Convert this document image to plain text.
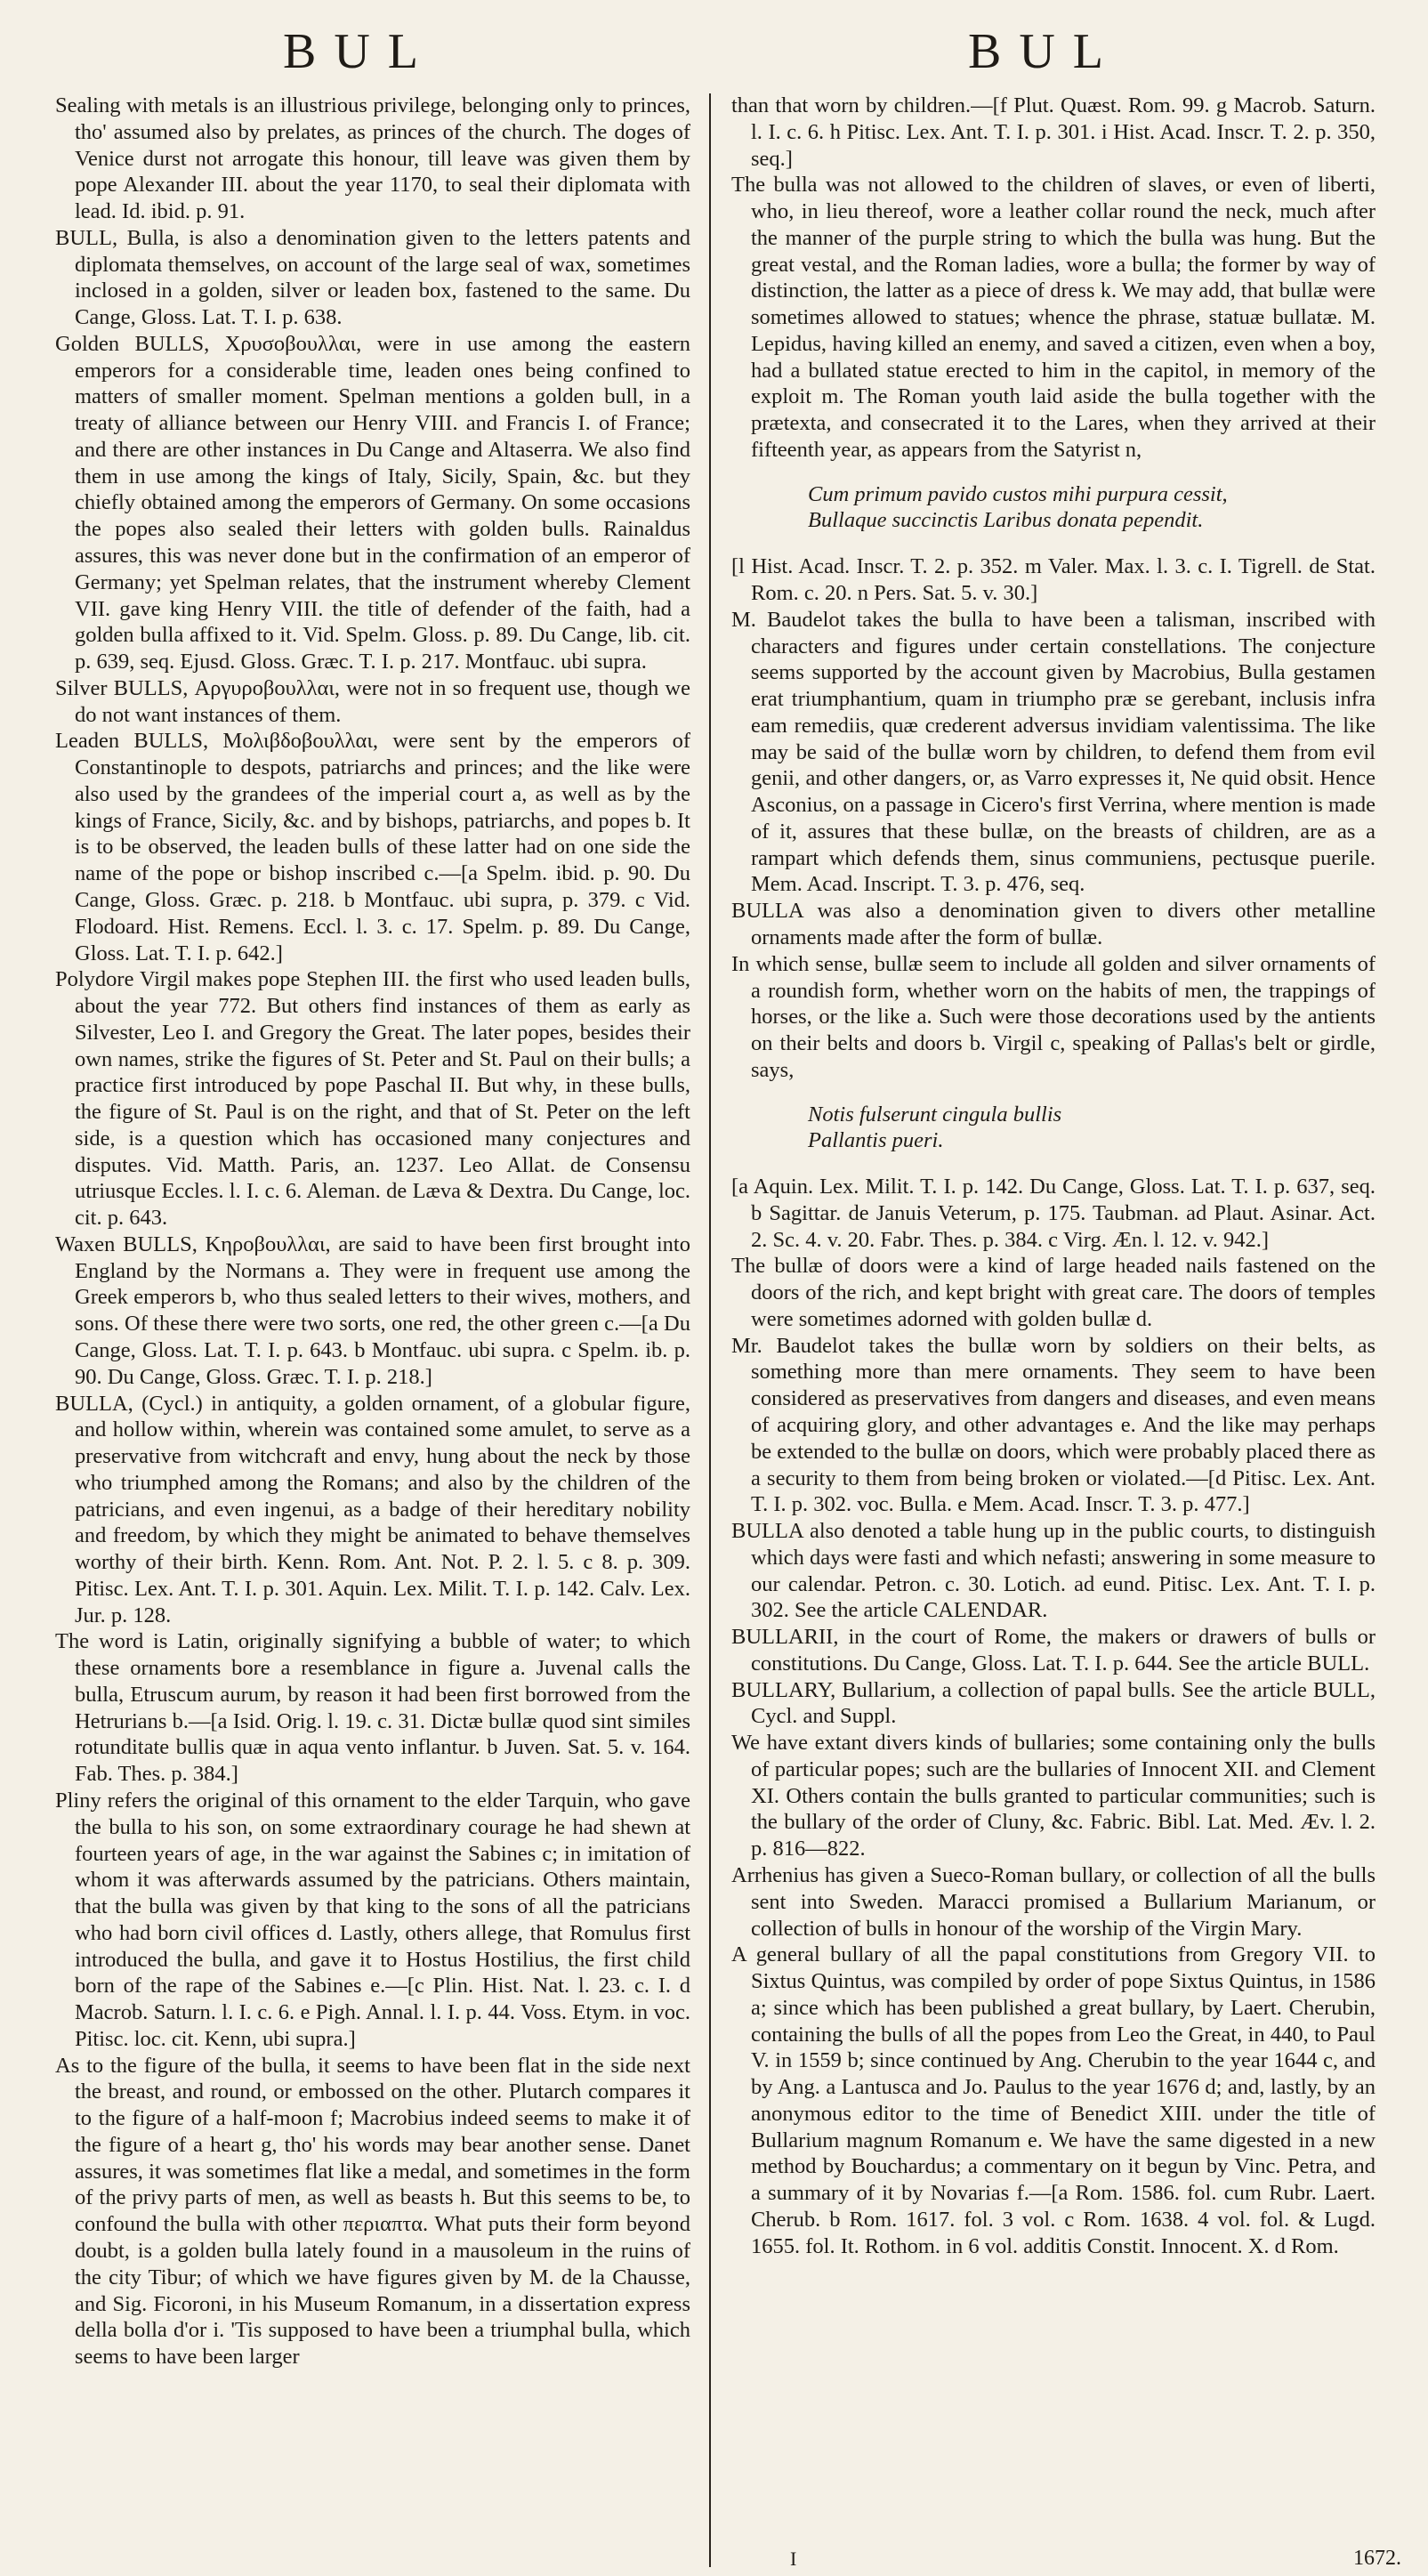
BUL	BUL

Sealing with metals is an illustrious privilege, belonging only to princes, tho' assumed also by prelates, as princes of the church. The doges of Venice durst not arrogate this honour, till leave was given them by pope Alexander III. about the year 1170, to seal their diplomata with lead. Id. ibid. p. 91.

BULL, Bulla, is also a denomination given to the letters patents and diplomata themselves, on account of the large seal of wax, sometimes inclosed in a golden, silver or leaden box, fastened to the same. Du Cange, Gloss. Lat. T. I. p. 638.

Golden BULLS, Χρυσοβουλλαι, were in use among the eastern emperors for a considerable time, leaden ones being confined to matters of smaller moment. Spelman mentions a golden bull, in a treaty of alliance between our Henry VIII. and Francis I. of France; and there are other instances in Du Cange and Altaserra. We also find them in use among the kings of Italy, Sicily, Spain, &c. but they chiefly obtained among the emperors of Germany. On some occasions the popes also sealed their letters with golden bulls. Rainaldus assures, this was never done but in the confirmation of an emperor of Germany; yet Spelman relates, that the instrument whereby Clement VII. gave king Henry VIII. the title of defender of the faith, had a golden bulla affixed to it. Vid. Spelm. Gloss. p. 89. Du Cange, lib. cit. p. 639, seq. Ejusd. Gloss. Græc. T. I. p. 217. Montfauc. ubi supra.

Silver BULLS, Αργυροβουλλαι, were not in so frequent use, though we do not want instances of them.

Leaden BULLS, Μολιβδοβουλλαι, were sent by the emperors of Constantinople to despots, patriarchs and princes; and the like were also used by the grandees of the imperial court a, as well as by the kings of France, Sicily, &c. and by bishops, patriarchs, and popes b. It is to be observed, the leaden bulls of these latter had on one side the name of the pope or bishop inscribed c.—[a Spelm. ibid. p. 90. Du Cange, Gloss. Græc. p. 218. b Montfauc. ubi supra, p. 379. c Vid. Flodoard. Hist. Remens. Eccl. l. 3. c. 17. Spelm. p. 89. Du Cange, Gloss. Lat. T. I. p. 642.]

Polydore Virgil makes pope Stephen III. the first who used leaden bulls, about the year 772. But others find instances of them as early as Silvester, Leo I. and Gregory the Great. The later popes, besides their own names, strike the figures of St. Peter and St. Paul on their bulls; a practice first introduced by pope Paschal II. But why, in these bulls, the figure of St. Paul is on the right, and that of St. Peter on the left side, is a question which has occasioned many conjectures and disputes. Vid. Matth. Paris, an. 1237. Leo Allat. de Consensu utriusque Eccles. l. I. c. 6. Aleman. de Læva & Dextra. Du Cange, loc. cit. p. 643.

Waxen BULLS, Κηροβουλλαι, are said to have been first brought into England by the Normans a. They were in frequent use among the Greek emperors b, who thus sealed letters to their wives, mothers, and sons. Of these there were two sorts, one red, the other green c.—[a Du Cange, Gloss. Lat. T. I. p. 643. b Montfauc. ubi supra. c Spelm. ib. p. 90. Du Cange, Gloss. Græc. T. I. p. 218.]

BULLA, (Cycl.) in antiquity, a golden ornament, of a globular figure, and hollow within, wherein was contained some amulet, to serve as a preservative from witchcraft and envy, hung about the neck by those who triumphed among the Romans; and also by the children of the patricians, and even ingenui, as a badge of their hereditary nobility and freedom, by which they might be animated to behave themselves worthy of their birth. Kenn. Rom. Ant. Not. P. 2. l. 5. c 8. p. 309. Pitisc. Lex. Ant. T. I. p. 301. Aquin. Lex. Milit. T. I. p. 142. Calv. Lex. Jur. p. 128.

The word is Latin, originally signifying a bubble of water; to which these ornaments bore a resemblance in figure a. Juvenal calls the bulla, Etruscum aurum, by reason it had been first borrowed from the Hetrurians b.—[a Isid. Orig. l. 19. c. 31. Dictæ bullæ quod sint similes rotunditate bullis quæ in aqua vento inflantur. b Juven. Sat. 5. v. 164. Fab. Thes. p. 384.]

Pliny refers the original of this ornament to the elder Tarquin, who gave the bulla to his son, on some extraordinary courage he had shewn at fourteen years of age, in the war against the Sabines c; in imitation of whom it was afterwards assumed by the patricians. Others maintain, that the bulla was given by that king to the sons of all the patricians who had born civil offices d. Lastly, others allege, that Romulus first introduced the bulla, and gave it to Hostus Hostilius, the first child born of the rape of the Sabines e.—[c Plin. Hist. Nat. l. 23. c. I. d Macrob. Saturn. l. I. c. 6. e Pigh. Annal. l. I. p. 44. Voss. Etym. in voc. Pitisc. loc. cit. Kenn, ubi supra.]

As to the figure of the bulla, it seems to have been flat in the side next the breast, and round, or embossed on the other. Plutarch compares it to the figure of a half-moon f; Macrobius indeed seems to make it of the figure of a heart g, tho' his words may bear another sense. Danet assures, it was sometimes flat like a medal, and sometimes in the form of the privy parts of men, as well as beasts h. But this seems to be, to confound the bulla with other περιαπτα. What puts their form beyond doubt, is a golden bulla lately found in a mausoleum in the ruins of the city Tibur; of which we have figures given by M. de la Chausse, and Sig. Ficoroni, in his Museum Romanum, in a dissertation express della bolla d'or i. 'Tis supposed to have been a triumphal bulla, which seems to have been larger

than that worn by children.—[f Plut. Quæst. Rom. 99. g Macrob. Saturn. l. I. c. 6. h Pitisc. Lex. Ant. T. I. p. 301. i Hist. Acad. Inscr. T. 2. p. 350, seq.]

The bulla was not allowed to the children of slaves, or even of liberti, who, in lieu thereof, wore a leather collar round the neck, much after the manner of the purple string to which the bulla was hung. But the great vestal, and the Roman ladies, wore a bulla; the former by way of distinction, the latter as a piece of dress k. We may add, that bullæ were sometimes allowed to statues; whence the phrase, statuæ bullatæ. M. Lepidus, having killed an enemy, and saved a citizen, even when a boy, had a bullated statue erected to him in the capitol, in memory of the exploit m. The Roman youth laid aside the bulla together with the prætexta, and consecrated it to the Lares, when they arrived at their fifteenth year, as appears from the Satyrist n,

Cum primum pavido custos mihi purpura cessit,
Bullaque succinctis Laribus donata pependit.

[l Hist. Acad. Inscr. T. 2. p. 352. m Valer. Max. l. 3. c. I. Tigrell. de Stat. Rom. c. 20. n Pers. Sat. 5. v. 30.]

M. Baudelot takes the bulla to have been a talisman, inscribed with characters and figures under certain constellations. The conjecture seems supported by the account given by Macrobius, Bulla gestamen erat triumphantium, quam in triumpho præ se gerebant, inclusis infra eam remediis, quæ crederent adversus invidiam valentissima. The like may be said of the bullæ worn by children, to defend them from evil genii, and other dangers, or, as Varro expresses it, Ne quid obsit. Hence Asconius, on a passage in Cicero's first Verrina, where mention is made of it, assures that these bullæ, on the breasts of children, are as a rampart which defends them, sinus communiens, pectusque puerile. Mem. Acad. Inscript. T. 3. p. 476, seq.

BULLA was also a denomination given to divers other metalline ornaments made after the form of bullæ.

In which sense, bullæ seem to include all golden and silver ornaments of a roundish form, whether worn on the habits of men, the trappings of horses, or the like a. Such were those decorations used by the antients on their belts and doors b. Virgil c, speaking of Pallas's belt or girdle, says,

Notis fulserunt cingula bullis
Pallantis pueri.

[a Aquin. Lex. Milit. T. I. p. 142. Du Cange, Gloss. Lat. T. I. p. 637, seq. b Sagittar. de Januis Veterum, p. 175. Taubman. ad Plaut. Asinar. Act. 2. Sc. 4. v. 20. Fabr. Thes. p. 384. c Virg. Æn. l. 12. v. 942.]

The bullæ of doors were a kind of large headed nails fastened on the doors of the rich, and kept bright with great care. The doors of temples were sometimes adorned with golden bullæ d.

Mr. Baudelot takes the bullæ worn by soldiers on their belts, as something more than mere ornaments. They seem to have been considered as preservatives from dangers and diseases, and even means of acquiring glory, and other advantages e. And the like may perhaps be extended to the bullæ on doors, which were probably placed there as a security to them from being broken or violated.—[d Pitisc. Lex. Ant. T. I. p. 302. voc. Bulla. e Mem. Acad. Inscr. T. 3. p. 477.]

BULLA also denoted a table hung up in the public courts, to distinguish which days were fasti and which nefasti; answering in some measure to our calendar. Petron. c. 30. Lotich. ad eund. Pitisc. Lex. Ant. T. I. p. 302. See the article CALENDAR.

BULLARII, in the court of Rome, the makers or drawers of bulls or constitutions. Du Cange, Gloss. Lat. T. I. p. 644. See the article BULL.

BULLARY, Bullarium, a collection of papal bulls. See the article BULL, Cycl. and Suppl.

We have extant divers kinds of bullaries; some containing only the bulls of particular popes; such are the bullaries of Innocent XII. and Clement XI. Others contain the bulls granted to particular communities; such is the bullary of the order of Cluny, &c. Fabric. Bibl. Lat. Med. Æv. l. 2. p. 816—822.

Arrhenius has given a Sueco-Roman bullary, or collection of all the bulls sent into Sweden. Maracci promised a Bullarium Marianum, or collection of bulls in honour of the worship of the Virgin Mary.

A general bullary of all the papal constitutions from Gregory VII. to Sixtus Quintus, was compiled by order of pope Sixtus Quintus, in 1586 a; since which has been published a great bullary, by Laert. Cherubin, containing the bulls of all the popes from Leo the Great, in 440, to Paul V. in 1559 b; since continued by Ang. Cherubin to the year 1644 c, and by Ang. a Lantusca and Jo. Paulus to the year 1676 d; and, lastly, by an anonymous editor to the time of Benedict XIII. under the title of Bullarium magnum Romanum e. We have the same digested in a new method by Bouchardus; a commentary on it begun by Vinc. Petra, and a summary of it by Novarias f.—[a Rom. 1586. fol. cum Rubr. Laert. Cherub. b Rom. 1617. fol. 3 vol. c Rom. 1638. 4 vol. fol. & Lugd. 1655. fol. It. Rothom. in 6 vol. additis Constit. Innocent. X. d Rom.

I	1672.
